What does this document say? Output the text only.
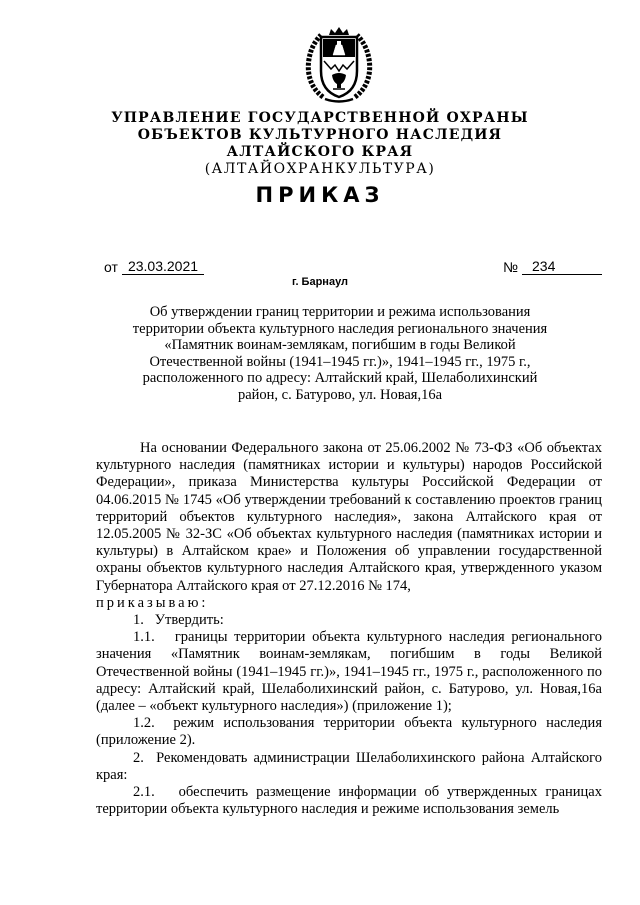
УПРАВЛЕНИЕ ГОСУДАРСТВЕННОЙ ОХРАНЫ
ОБЪЕКТОВ КУЛЬТУРНОГО НАСЛЕДИЯ
АЛТАЙСКОГО КРАЯ
(АЛТАЙОХРАНКУЛЬТУРА)
ПРИКАЗ
от 23.03.2021	№ 234
г. Барнаул
Об утверждении границ территории и режима использования территории объекта культурного наследия регионального значения «Памятник воинам-землякам, погибшим в годы Великой Отечественной войны (1941–1945 гг.)», 1941–1945 гг., 1975 г., расположенного по адресу: Алтайский край, Шелаболихинский район, с. Батурово, ул. Новая,16а

На основании Федерального закона от 25.06.2002 № 73-ФЗ «Об объектах культурного наследия (памятниках истории и культуры) народов Российской Федерации», приказа Министерства культуры Российской Федерации от 04.06.2015 № 1745 «Об утверждении требований к составлению проектов границ территорий объектов культурного наследия», закона Алтайского края от 12.05.2005 № 32-ЗС «Об объектах культурного наследия (памятниках истории и культуры) в Алтайском крае» и Положения об управлении государственной охраны объектов культурного наследия Алтайского края, утвержденного указом Губернатора Алтайского края от 27.12.2016 № 174,

приказываю:

1.   Утвердить:

1.1.   границы территории объекта культурного наследия регионального значения «Памятник воинам-землякам, погибшим в годы Великой Отечественной войны (1941–1945 гг.)», 1941–1945 гг., 1975 г., расположенного по адресу: Алтайский край, Шелаболихинский район, с. Батурово, ул. Новая,16а (далее – «объект культурного наследия») (приложение 1);

1.2.  режим использования территории объекта культурного наследия (приложение 2).

2.  Рекомендовать администрации Шелаболихинского района Алтайского края:

2.1.   обеспечить размещение информации об утвержденных границах территории объекта культурного наследия и режиме использования земель
